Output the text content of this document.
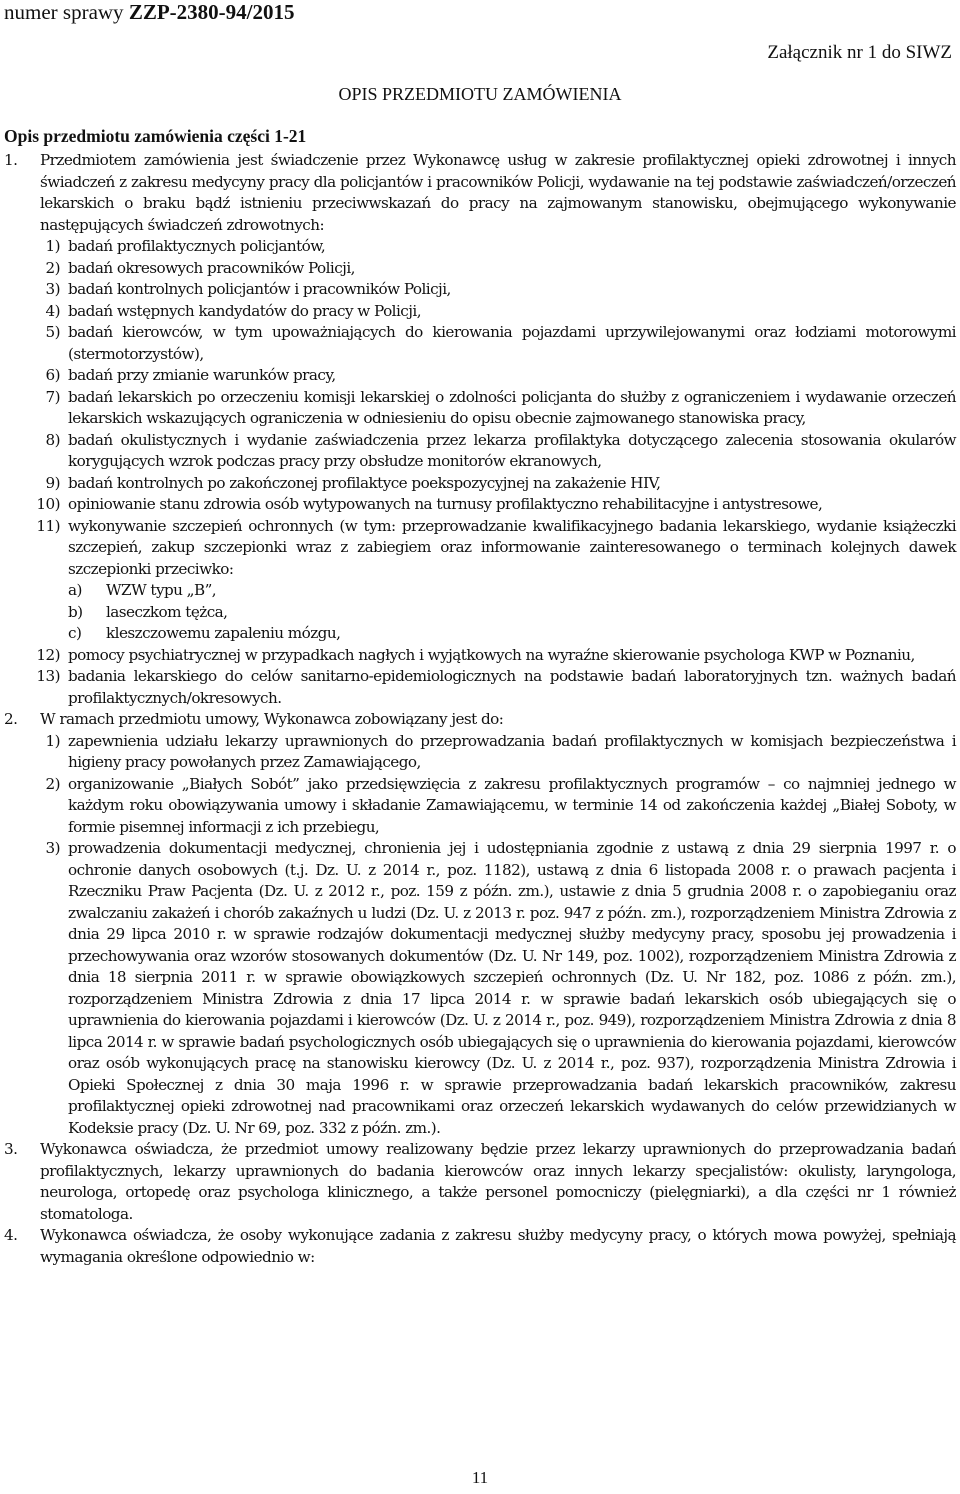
numer sprawy ZZP-2380-94/2015
Załącznik nr 1 do SIWZ
OPIS PRZEDMIOTU ZAMÓWIENIA
Opis przedmiotu zamówienia części 1-21
1.	Przedmiotem zamówienia jest świadczenie przez Wykonawcę usług w zakresie profilaktycznej opieki zdrowotnej i innych świadczeń z zakresu medycyny pracy dla policjantów i pracowników Policji, wydawanie na tej podstawie zaświadczeń/orzeczeń lekarskich o braku bądź istnieniu przeciwwskazań do pracy na zajmowanym stanowisku, obejmującego wykonywanie następujących świadczeń zdrowotnych:
1) badań profilaktycznych policjantów,
2) badań okresowych pracowników Policji,
3) badań kontrolnych policjantów i pracowników Policji,
4) badań wstępnych kandydatów do pracy w Policji,
5) badań kierowców, w tym upoważniających do kierowania pojazdami uprzywilejowanymi oraz łodziami motorowymi (stermotorzystów),
6) badań przy zmianie warunków pracy,
7) badań lekarskich po orzeczeniu komisji lekarskiej o zdolności policjanta do służby z ograniczeniem i wydawanie orzeczeń lekarskich wskazujących ograniczenia w odniesieniu do opisu obecnie zajmowanego stanowiska pracy,
8) badań okulistycznych i wydanie zaświadczenia przez lekarza profilaktyka dotyczącego zalecenia stosowania okularów korygujących wzrok podczas pracy przy obsłudze monitorów ekranowych,
9) badań kontrolnych po zakończonej profilaktyce poekspozycyjnej na zakażenie HIV,
10) opiniowanie stanu zdrowia osób wytypowanych na turnusy profilaktyczno rehabilitacyjne i antystresowe,
11) wykonywanie szczepień ochronnych (w tym: przeprowadzanie kwalifikacyjnego badania lekarskiego, wydanie książeczki szczepień, zakup szczepionki wraz z zabiegiem oraz informowanie zainteresowanego o terminach kolejnych dawek szczepionki przeciwko:
a)	WZW typu „B”,
b)	laseczkom tężca,
c)	kleszczowemu zapaleniu mózgu,
12) pomocy psychiatrycznej w przypadkach nagłych i wyjątkowych na wyraźne skierowanie psychologa KWP w Poznaniu,
13) badania lekarskiego do celów sanitarno-epidemiologicznych na podstawie badań laboratoryjnych tzn. ważnych badań profilaktycznych/okresowych.
2.	W ramach przedmiotu umowy, Wykonawca zobowiązany jest do:
1) zapewnienia udziału lekarzy uprawnionych do przeprowadzania badań profilaktycznych w komisjach bezpieczeństwa i higieny pracy powołanych przez Zamawiającego,
2) organizowanie „Białych Sobót” jako przedsięwzięcia z zakresu profilaktycznych programów – co najmniej jednego w każdym roku obowiązywania umowy i składanie Zamawiającemu, w terminie 14 od zakończenia każdej „Białej Soboty, w formie pisemnej informacji z ich przebiegu,
3) prowadzenia dokumentacji medycznej, chronienia jej i udostępniania zgodnie z ustawą z dnia 29 sierpnia 1997 r. o ochronie danych osobowych (t.j. Dz. U. z 2014 r., poz. 1182), ustawą z dnia 6 listopada 2008 r. o prawach pacjenta i Rzeczniku Praw Pacjenta (Dz. U. z 2012 r., poz. 159 z późn. zm.), ustawie z dnia 5 grudnia 2008 r. o zapobieganiu oraz zwalczaniu zakażeń i chorób zakaźnych u ludzi (Dz. U. z 2013 r. poz. 947 z późn. zm.), rozporządzeniem Ministra Zdrowia z dnia 29 lipca 2010 r. w sprawie rodzajów dokumentacji medycznej służby medycyny pracy, sposobu jej prowadzenia i przechowywania oraz wzorów stosowanych dokumentów (Dz. U. Nr 149, poz. 1002), rozporządzeniem Ministra Zdrowia z dnia 18 sierpnia 2011 r. w sprawie obowiązkowych szczepień ochronnych (Dz. U. Nr 182, poz. 1086 z późn. zm.), rozporządzeniem Ministra Zdrowia z dnia 17 lipca 2014 r. w sprawie badań lekarskich osób ubiegających się o uprawnienia do kierowania pojazdami i kierowców (Dz. U. z 2014 r., poz. 949), rozporządzeniem Ministra Zdrowia z dnia 8 lipca 2014 r. w sprawie badań psychologicznych osób ubiegających się o uprawnienia do kierowania pojazdami, kierowców oraz osób wykonujących pracę na stanowisku kierowcy (Dz. U. z 2014 r., poz. 937), rozporządzenia Ministra Zdrowia i Opieki Społecznej z dnia 30 maja 1996 r. w sprawie przeprowadzania badań lekarskich pracowników, zakresu profilaktycznej opieki zdrowotnej nad pracownikami oraz orzeczeń lekarskich wydawanych do celów przewidzianych w Kodeksie pracy (Dz. U. Nr 69, poz. 332 z późn. zm.).
3.	Wykonawca oświadcza, że przedmiot umowy realizowany będzie przez lekarzy uprawnionych do przeprowadzania badań profilaktycznych, lekarzy uprawnionych do badania kierowców oraz innych lekarzy specjalistów: okulisty, laryngologa, neurologa, ortopedę oraz psychologa klinicznego, a także personel pomocniczy (pielęgniarki), a dla części nr 1 również stomatologa.
4.	Wykonawca oświadcza, że osoby wykonujące zadania z zakresu służby medycyny pracy, o których mowa powyżej, spełniają wymagania określone odpowiednio w:
11
